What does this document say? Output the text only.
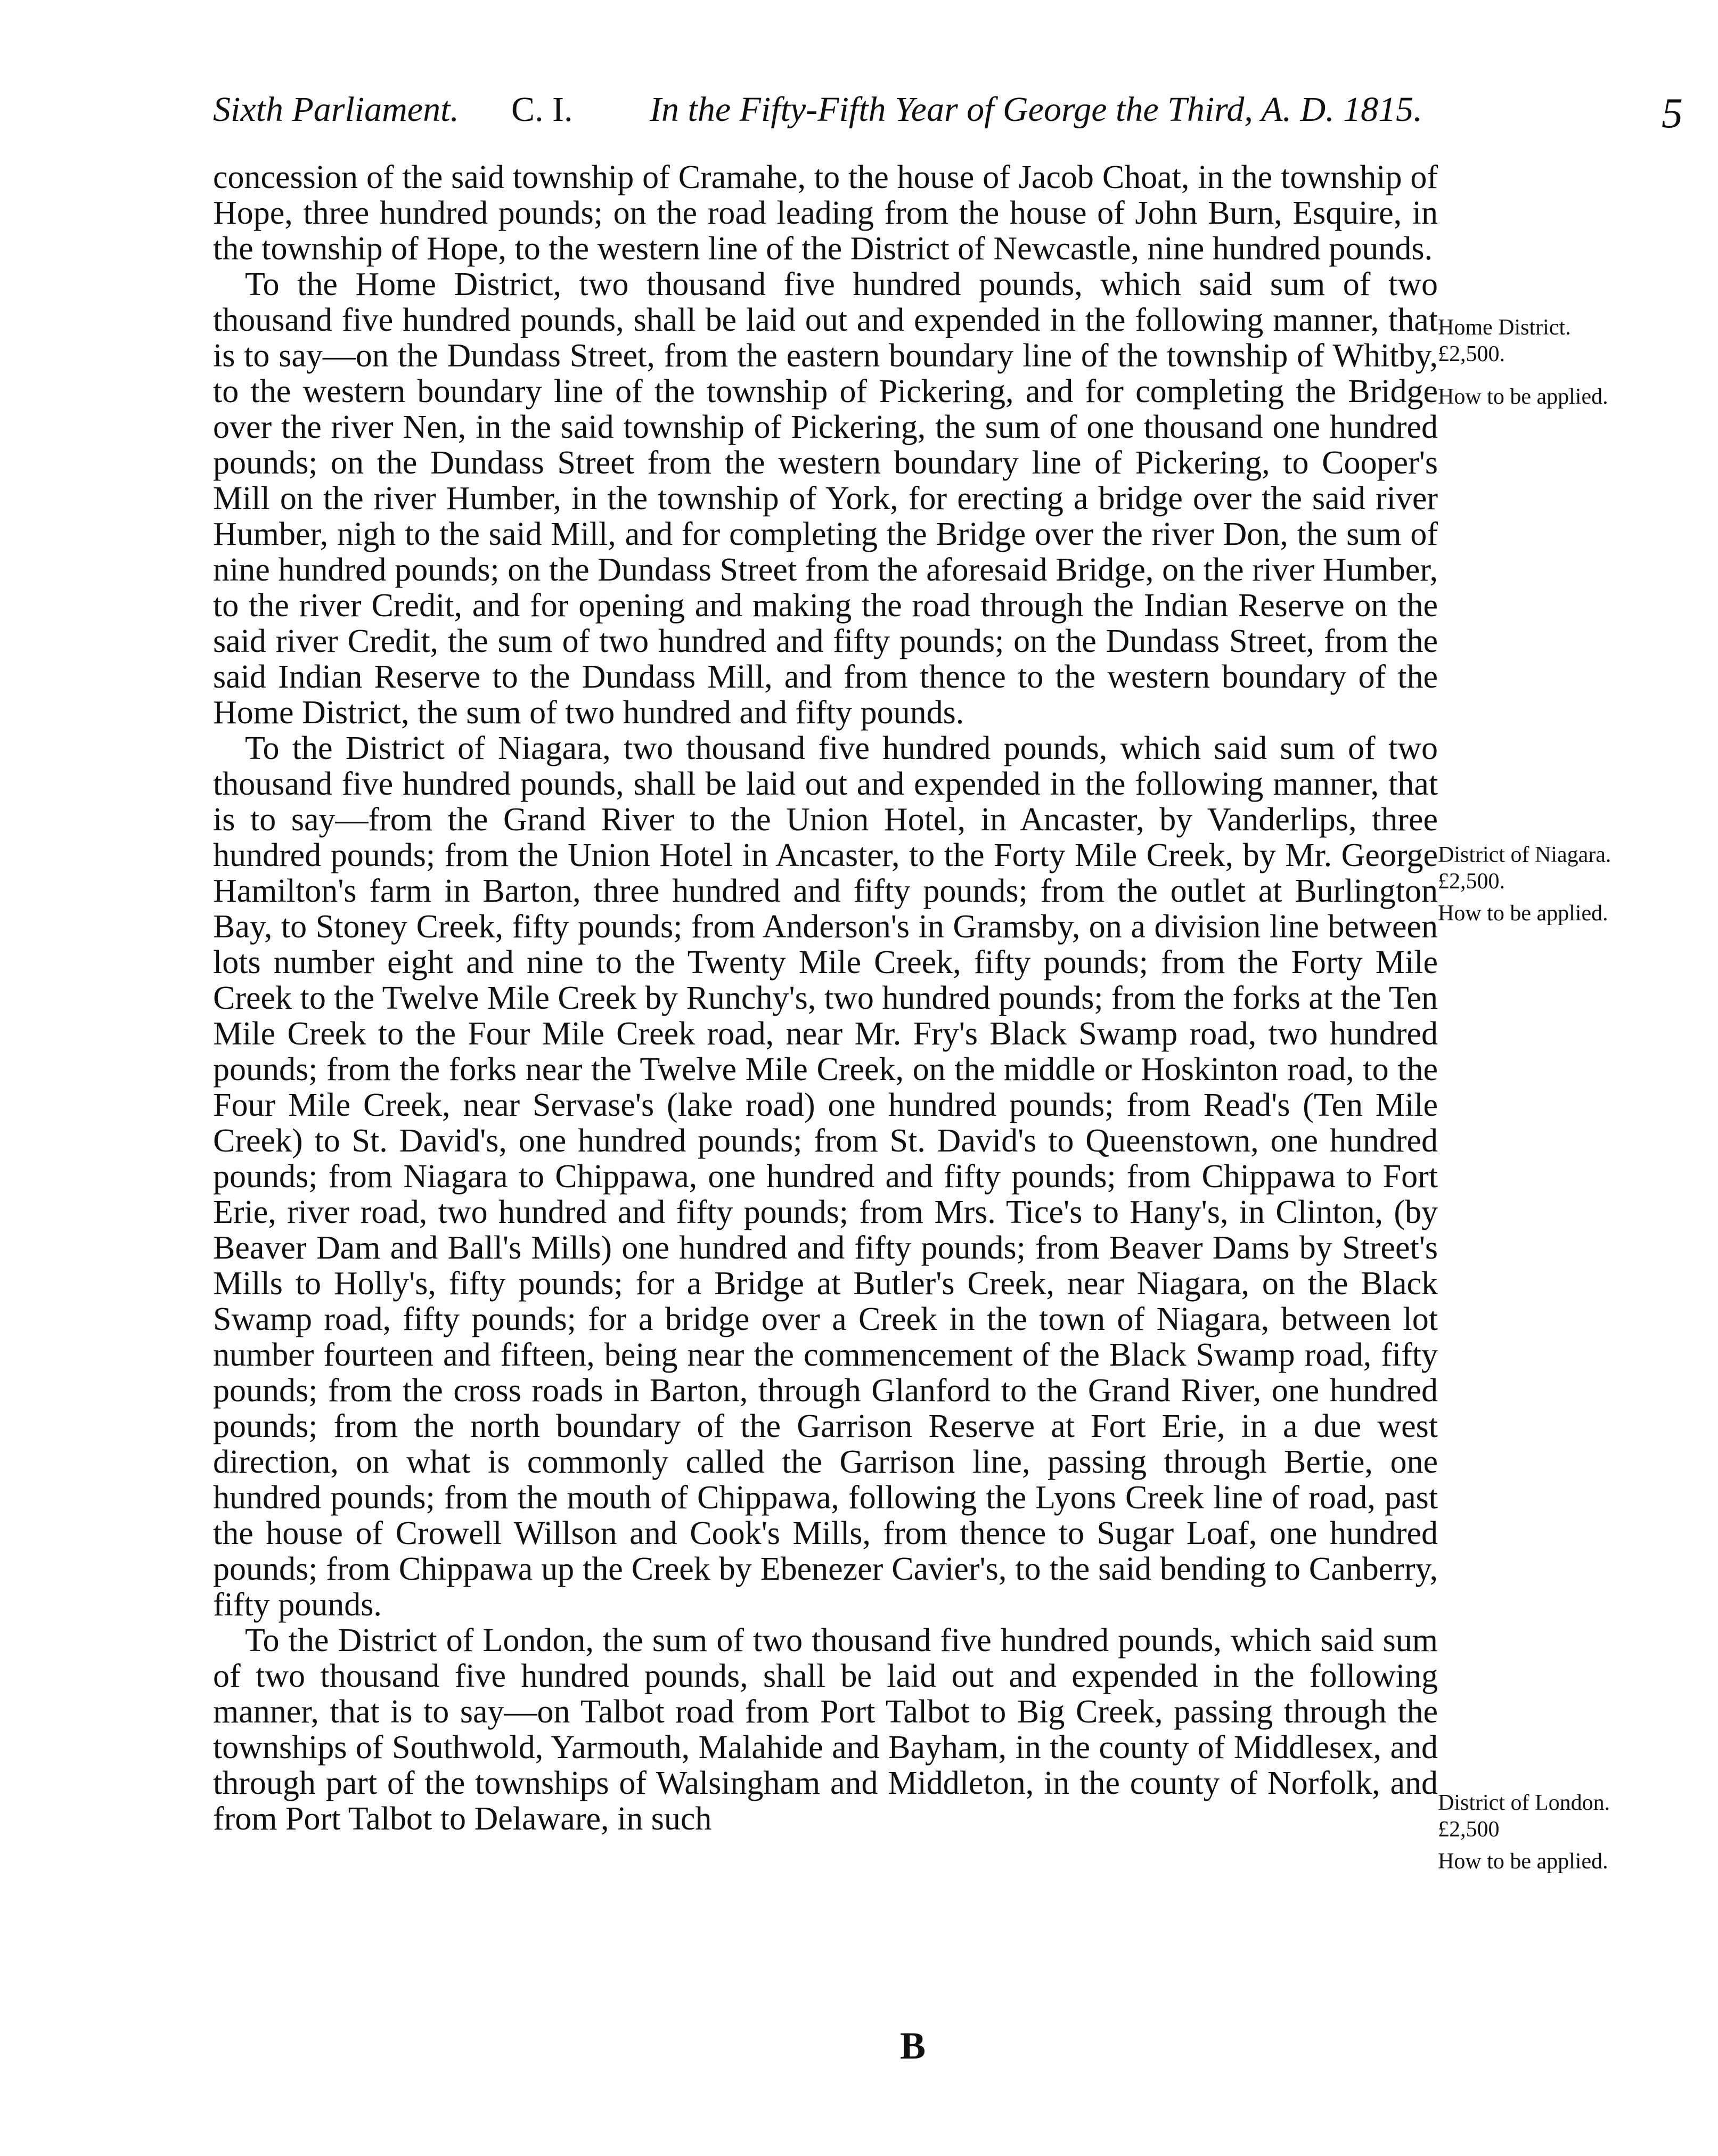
Sixth Parliament. C. I. In the Fifty-Fifth Year of George the Third, A. D. 1815.	5

concession of the said township of Cramahe, to the house of Jacob Choat, in the township of Hope, three hundred pounds; on the road leading from the house of John Burn, Esquire, in the township of Hope, to the western line of the District of Newcastle, nine hundred pounds.

To the Home District, two thousand five hundred pounds, which said sum of two thousand five hundred pounds, shall be laid out and expended in the following manner, that is to say—on the Dundass Street, from the eastern boundary line of the township of Whitby, to the western boundary line of the township of Pickering, and for completing the Bridge over the river Nen, in the said township of Pickering, the sum of one thousand one hundred pounds; on the Dundass Street from the western boundary line of Pickering, to Cooper's Mill on the river Humber, in the township of York, for erecting a bridge over the said river Humber, nigh to the said Mill, and for completing the Bridge over the river Don, the sum of nine hundred pounds; on the Dundass Street from the aforesaid Bridge, on the river Humber, to the river Credit, and for opening and making the road through the Indian Reserve on the said river Credit, the sum of two hundred and fifty pounds; on the Dundass Street, from the said Indian Reserve to the Dundass Mill, and from thence to the western boundary of the Home District, the sum of two hundred and fifty pounds.

To the District of Niagara, two thousand five hundred pounds, which said sum of two thousand five hundred pounds, shall be laid out and expended in the following manner, that is to say—from the Grand River to the Union Hotel, in Ancaster, by Vanderlips, three hundred pounds; from the Union Hotel in Ancaster, to the Forty Mile Creek, by Mr. George Hamilton's farm in Barton, three hundred and fifty pounds; from the outlet at Burlington Bay, to Stoney Creek, fifty pounds; from Anderson's in Gramsby, on a division line between lots number eight and nine to the Twenty Mile Creek, fifty pounds; from the Forty Mile Creek to the Twelve Mile Creek by Runchy's, two hundred pounds; from the forks at the Ten Mile Creek to the Four Mile Creek road, near Mr. Fry's Black Swamp road, two hundred pounds; from the forks near the Twelve Mile Creek, on the middle or Hoskinton road, to the Four Mile Creek, near Servase's (lake road) one hundred pounds; from Read's (Ten Mile Creek) to St. David's, one hundred pounds; from St. David's to Queenstown, one hundred pounds; from Niagara to Chippawa, one hundred and fifty pounds; from Chippawa to Fort Erie, river road, two hundred and fifty pounds; from Mrs. Tice's to Hany's, in Clinton, (by Beaver Dam and Ball's Mills) one hundred and fifty pounds; from Beaver Dams by Street's Mills to Holly's, fifty pounds; for a Bridge at Butler's Creek, near Niagara, on the Black Swamp road, fifty pounds; for a bridge over a Creek in the town of Niagara, between lot number fourteen and fifteen, being near the commencement of the Black Swamp road, fifty pounds; from the cross roads in Barton, through Glanford to the Grand River, one hundred pounds; from the north boundary of the Garrison Reserve at Fort Erie, in a due west direction, on what is commonly called the Garrison line, passing through Bertie, one hundred pounds; from the mouth of Chippawa, following the Lyons Creek line of road, past the house of Crowell Willson and Cook's Mills, from thence to Sugar Loaf, one hundred pounds; from Chippawa up the Creek by Ebenezer Cavier's, to the said bending to Canberry, fifty pounds.

To the District of London, the sum of two thousand five hundred pounds, which said sum of two thousand five hundred pounds, shall be laid out and expended in the following manner, that is to say—on Talbot road from Port Talbot to Big Creek, passing through the townships of Southwold, Yarmouth, Malahide and Bayham, in the county of Middlesex, and through part of the townships of Walsingham and Middleton, in the county of Norfolk, and from Port Talbot to Delaware, in such

Home District.
£2,500.
How to be applied.
District of Niagara.
£2,500.
How to be applied.
District of London.
£2,500
How to be applied.
B
